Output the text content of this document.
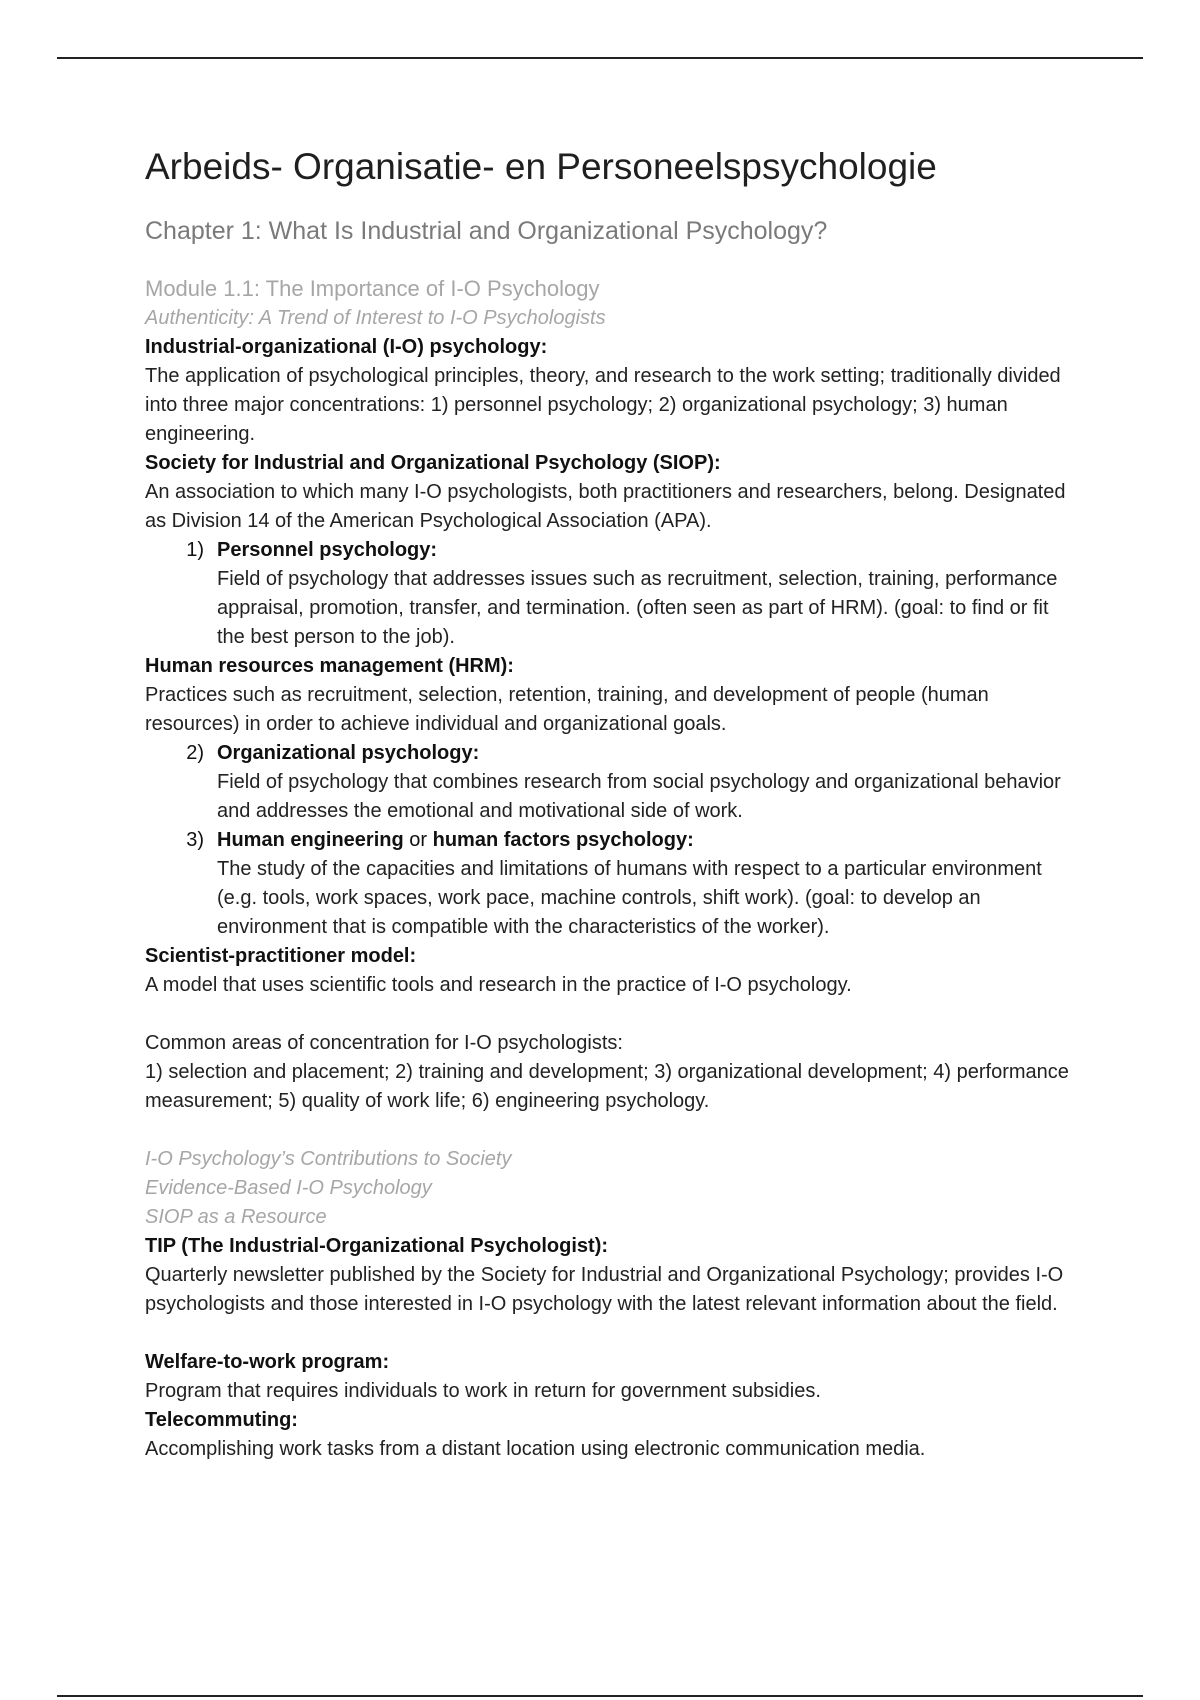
Arbeids- Organisatie- en Personeelspsychologie
Chapter 1: What Is Industrial and Organizational Psychology?
Module 1.1: The Importance of I-O Psychology
Authenticity: A Trend of Interest to I-O Psychologists
Industrial-organizational (I-O) psychology:
The application of psychological principles, theory, and research to the work setting; traditionally divided into three major concentrations: 1) personnel psychology; 2) organizational psychology; 3) human engineering.
Society for Industrial and Organizational Psychology (SIOP):
An association to which many I-O psychologists, both practitioners and researchers, belong. Designated as Division 14 of the American Psychological Association (APA).
1) Personnel psychology:
Field of psychology that addresses issues such as recruitment, selection, training, performance appraisal, promotion, transfer, and termination. (often seen as part of HRM). (goal: to find or fit the best person to the job).
Human resources management (HRM):
Practices such as recruitment, selection, retention, training, and development of people (human resources) in order to achieve individual and organizational goals.
2) Organizational psychology:
Field of psychology that combines research from social psychology and organizational behavior and addresses the emotional and motivational side of work.
3) Human engineering or human factors psychology:
The study of the capacities and limitations of humans with respect to a particular environment (e.g. tools, work spaces, work pace, machine controls, shift work). (goal: to develop an environment that is compatible with the characteristics of the worker).
Scientist-practitioner model:
A model that uses scientific tools and research in the practice of I-O psychology.
Common areas of concentration for I-O psychologists:
1) selection and placement; 2) training and development; 3) organizational development; 4) performance measurement; 5) quality of work life; 6) engineering psychology.
I-O Psychology’s Contributions to Society
Evidence-Based I-O Psychology
SIOP as a Resource
TIP (The Industrial-Organizational Psychologist):
Quarterly newsletter published by the Society for Industrial and Organizational Psychology; provides I-O psychologists and those interested in I-O psychology with the latest relevant information about the field.
Welfare-to-work program:
Program that requires individuals to work in return for government subsidies.
Telecommuting:
Accomplishing work tasks from a distant location using electronic communication media.
